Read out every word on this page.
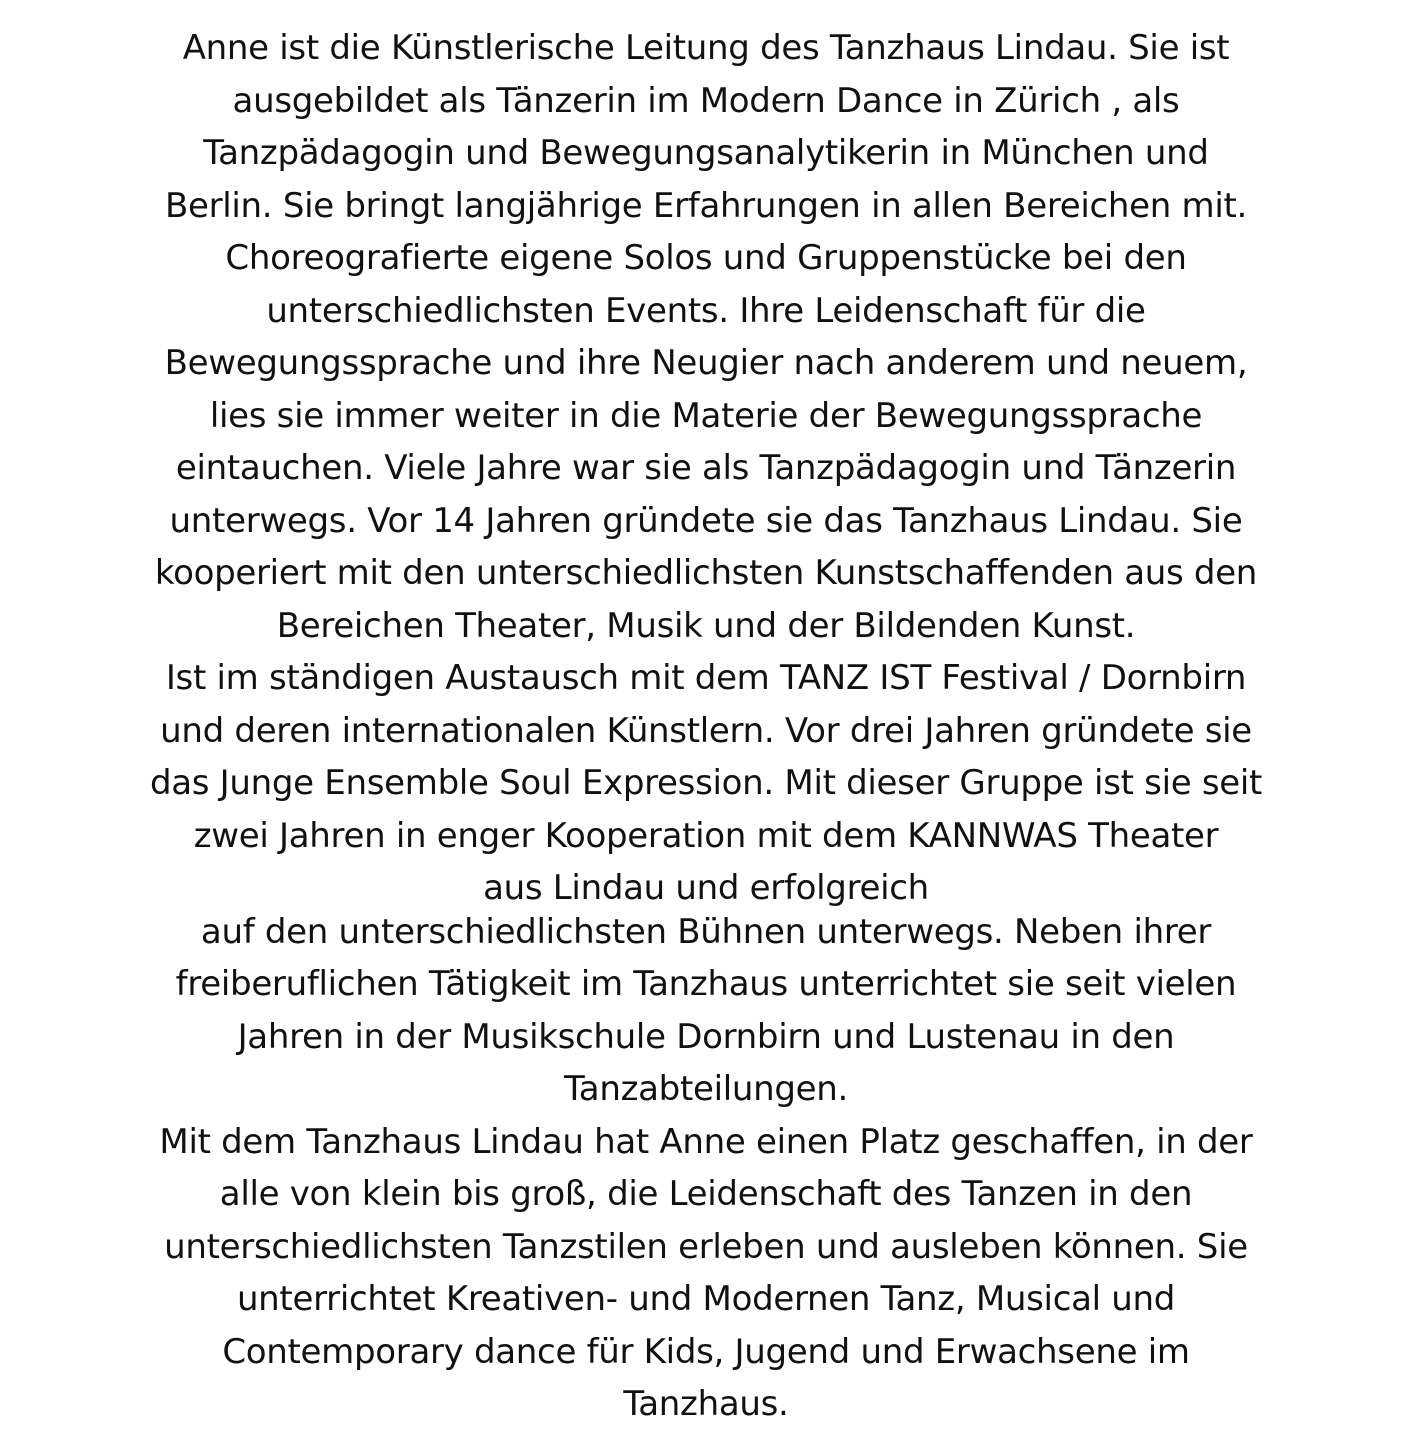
Anne ist die Künstlerische Leitung des Tanzhaus Lindau. Sie ist
ausgebildet als Tänzerin im Modern Dance in Zürich , als
Tanzpädagogin und Bewegungsanalytikerin in München und
Berlin. Sie bringt langjährige Erfahrungen in allen Bereichen mit.
Choreografierte eigene Solos und Gruppenstücke bei den
unterschiedlichsten Events. Ihre Leidenschaft für die
Bewegungssprache und ihre Neugier nach anderem und neuem,
lies sie immer weiter in die Materie der Bewegungssprache
eintauchen. Viele Jahre war sie als Tanzpädagogin und Tänzerin
unterwegs. Vor 14 Jahren gründete sie das Tanzhaus Lindau. Sie
kooperiert mit den unterschiedlichsten Kunstschaffenden aus den
Bereichen Theater, Musik und der Bildenden Kunst.
Ist im ständigen Austausch mit dem TANZ IST Festival / Dornbirn
und deren internationalen Künstlern. Vor drei Jahren gründete sie
das Junge Ensemble Soul Expression. Mit dieser Gruppe ist sie seit
zwei Jahren in enger Kooperation mit dem KANNWAS Theater
aus Lindau und erfolgreich
auf den unterschiedlichsten Bühnen unterwegs. Neben ihrer
freiberuflichen Tätigkeit im Tanzhaus unterrichtet sie seit vielen
Jahren in der Musikschule Dornbirn und Lustenau in den
Tanzabteilungen.
Mit dem Tanzhaus Lindau hat Anne einen Platz geschaffen, in der
alle von klein bis groß, die Leidenschaft des Tanzen in den
unterschiedlichsten Tanzstilen erleben und ausleben können. Sie
unterrichtet Kreativen- und Modernen Tanz, Musical und
Contemporary dance für Kids, Jugend und Erwachsene im
Tanzhaus.
